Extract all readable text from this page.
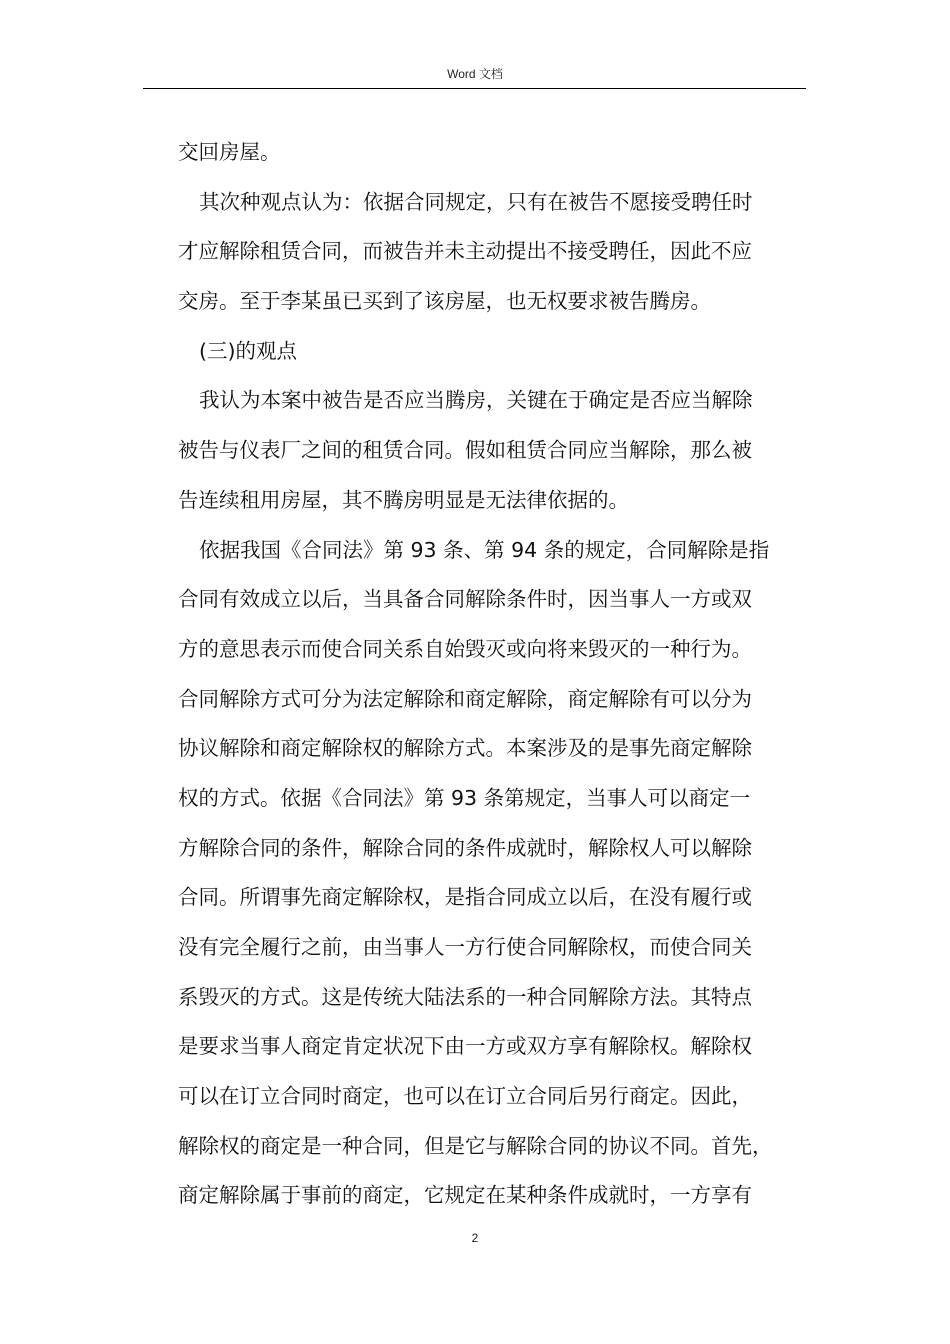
Word 文档
交回房屋。
其次种观点认为：依据合同规定，只有在被告不愿接受聘任时
才应解除租赁合同，而被告并未主动提出不接受聘任，因此不应
交房。至于李某虽已买到了该房屋，也无权要求被告腾房。
(三)的观点
我认为本案中被告是否应当腾房，关键在于确定是否应当解除
被告与仪表厂之间的租赁合同。假如租赁合同应当解除，那么被
告连续租用房屋，其不腾房明显是无法律依据的。
依据我国《合同法》第 93 条、第 94 条的规定，合同解除是指
合同有效成立以后，当具备合同解除条件时，因当事人一方或双
方的意思表示而使合同关系自始毁灭或向将来毁灭的一种行为。
合同解除方式可分为法定解除和商定解除，商定解除有可以分为
协议解除和商定解除权的解除方式。本案涉及的是事先商定解除
权的方式。依据《合同法》第 93 条第规定，当事人可以商定一
方解除合同的条件，解除合同的条件成就时，解除权人可以解除
合同。所谓事先商定解除权，是指合同成立以后，在没有履行或
没有完全履行之前，由当事人一方行使合同解除权，而使合同关
系毁灭的方式。这是传统大陆法系的一种合同解除方法。其特点
是要求当事人商定肯定状况下由一方或双方享有解除权。解除权
可以在订立合同时商定，也可以在订立合同后另行商定。因此，
解除权的商定是一种合同，但是它与解除合同的协议不同。首先，
商定解除属于事前的商定，它规定在某种条件成就时，一方享有
2
